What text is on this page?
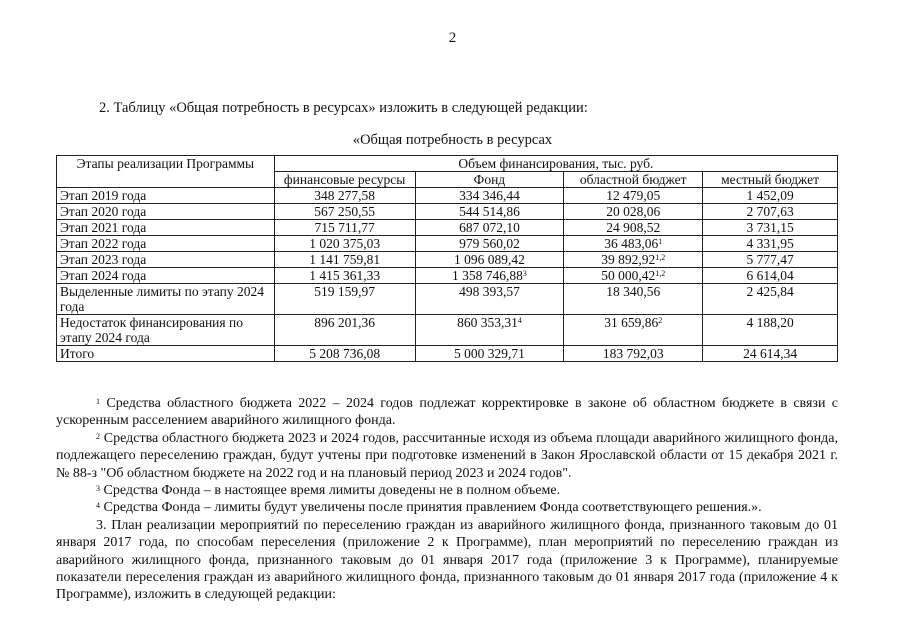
2
2. Таблицу «Общая потребность в ресурсах» изложить в следующей редакции:
«Общая потребность в ресурсах
Этапы реализации Программы	Объем финансирования, тыс. руб.			
	финансовые ресурсы	Фонд	областной бюджет	местный бюджет
Этап 2019 года	348 277,58	334 346,44	12 479,05	1 452,09
Этап 2020 года	567 250,55	544 514,86	20 028,06	2 707,63
Этап 2021 года	715 711,77	687 072,10	24 908,52	3 731,15
Этап 2022 года	1 020 375,03	979 560,02	36 483,06$^1$	4 331,95
Этап 2023 года	1 141 759,81	1 096 089,42	39 892,92$^{1,2}$	5 777,47
Этап 2024 года	1 415 361,33	1 358 746,88$^3$	50 000,42$^{1,2}$	6 614,04
Выделенные лимиты по этапу 2024 года	519 159,97	498 393,57	18 340,56	2 425,84
Недостаток финансирования по этапу 2024 года	896 201,36	860 353,31$^4$	31 659,86$^2$	4 188,20
Итого	5 208 736,08	5 000 329,71	183 792,03	24 614,34

$^1$ Средства областного бюджета 2022 – 2024 годов подлежат корректировке в законе об областном бюджете в связи с ускоренным расселением аварийного жилищного фонда.

$^2$ Средства областного бюджета 2023 и 2024 годов, рассчитанные исходя из объема площади аварийного жилищного фонда, подлежащего переселению граждан, будут учтены при подготовке изменений в Закон Ярославской области от 15 декабря 2021 г. № 88-з "Об областном бюджете на 2022 год и на плановый период 2023 и 2024 годов".

$^3$ Средства Фонда – в настоящее время лимиты доведены не в полном объеме.

$^4$ Средства Фонда – лимиты будут увеличены после принятия правлением Фонда соответствующего решения.».

3. План реализации мероприятий по переселению граждан из аварийного жилищного фонда, признанного таковым до 01 января 2017 года, по способам переселения (приложение 2 к Программе), план мероприятий по переселению граждан из аварийного жилищного фонда, признанного таковым до 01 января 2017 года (приложение 3 к Программе), планируемые показатели переселения граждан из аварийного жилищного фонда, признанного таковым до 01 января 2017 года (приложение 4 к Программе), изложить в следующей редакции:
